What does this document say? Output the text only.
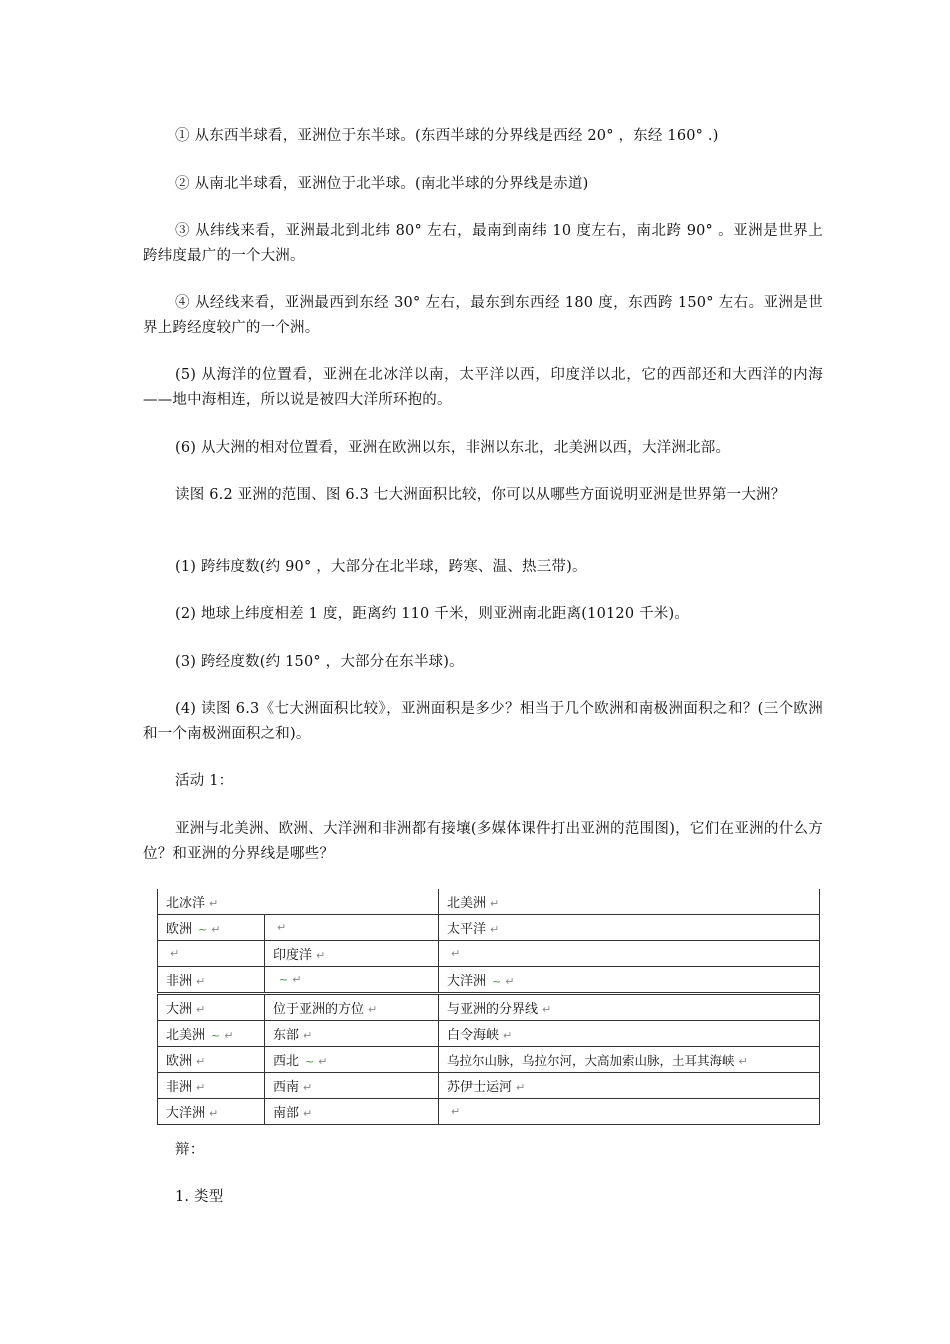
① 从东西半球看，亚洲位于东半球。(东西半球的分界线是西经 20° ，东经 160° .)

② 从南北半球看，亚洲位于北半球。(南北半球的分界线是赤道)

③ 从纬线来看，亚洲最北到北纬 80° 左右，最南到南纬 10 度左右，南北跨 90° 。亚洲是世界上跨纬度最广的一个大洲。

④ 从经线来看，亚洲最西到东经 30° 左右，最东到东西经 180 度，东西跨 150° 左右。亚洲是世界上跨经度较广的一个洲。

(5) 从海洋的位置看，亚洲在北冰洋以南，太平洋以西，印度洋以北，它的西部还和大西洋的内海——地中海相连，所以说是被四大洋所环抱的。

(6) 从大洲的相对位置看，亚洲在欧洲以东，非洲以东北，北美洲以西，大洋洲北部。

读图 6.2 亚洲的范围、图 6.3 七大洲面积比较，你可以从哪些方面说明亚洲是世界第一大洲？

(1) 跨纬度数(约 90° ，大部分在北半球，跨寒、温、热三带)。

(2) 地球上纬度相差 1 度，距离约 110 千米，则亚洲南北距离(10120 千米)。

(3) 跨经度数(约 150° ，大部分在东半球)。

(4) 读图 6.3《七大洲面积比较》，亚洲面积是多少？相当于几个欧洲和南极洲面积之和？(三个欧洲和一个南极洲面积之和)。

活动 1：

亚洲与北美洲、欧洲、大洋洲和非洲都有接壤(多媒体课件打出亚洲的范围图)，它们在亚洲的什么方位？和亚洲的分界线是哪些？

北冰洋 ↵		北美洲 ↵
欧洲 ~ ↵	↵	太平洋 ↵
↵	印度洋 ↵	↵
非洲 ↵	~ ↵	大洋洲 ~ ↵
大洲 ↵	位于亚洲的方位 ↵	与亚洲的分界线 ↵
北美洲 ~ ↵	东部 ↵	白令海峡 ↵
欧洲 ↵	西北 ~ ↵	乌拉尔山脉，乌拉尔河，大高加索山脉，土耳其海峡 ↵
非洲 ↵	西南 ↵	苏伊士运河 ↵
大洋洲 ↵	南部 ↵	↵

辩：

1. 类型
